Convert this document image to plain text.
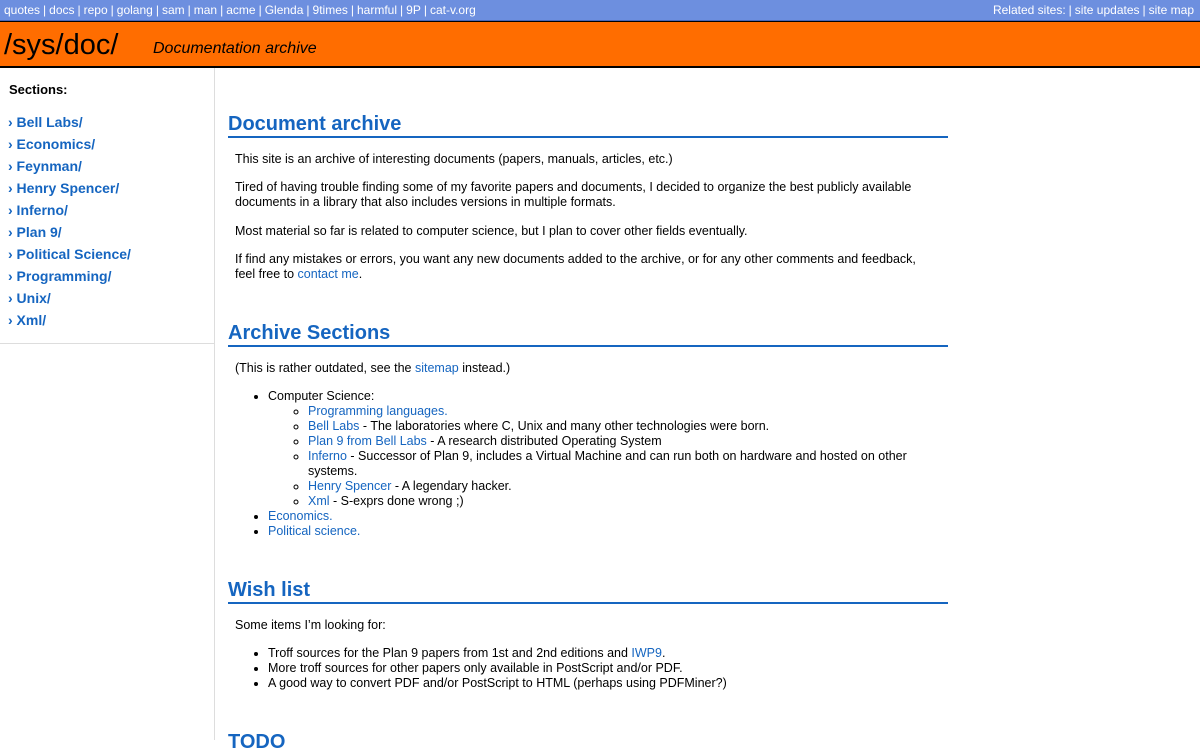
quotes | docs | repo | golang | sam | man | acme | Glenda | 9times | harmful | 9P | cat-v.org	Related sites: | site updates | site map
/sys/doc/ Documentation archive
Sections:
› Bell Labs/
› Economics/
› Feynman/
› Henry Spencer/
› Inferno/
› Plan 9/
› Political Science/
› Programming/
› Unix/
› Xml/
Document archive

This site is an archive of interesting documents (papers, manuals, articles, etc.)

Tired of having trouble finding some of my favorite papers and documents, I decided to organize the best publicly available documents in a library that also includes versions in multiple formats.

Most material so far is related to computer science, but I plan to cover other fields eventually.

If find any mistakes or errors, you want any new documents added to the archive, or for any other comments and feedback, feel free to contact me.

Archive Sections

(This is rather outdated, see the sitemap instead.)

• Computer Science:
◦ Programming languages.
◦ Bell Labs - The laboratories where C, Unix and many other technologies were born.
◦ Plan 9 from Bell Labs - A research distributed Operating System
◦ Inferno - Successor of Plan 9, includes a Virtual Machine and can run both on hardware and hosted on other systems.
◦ Henry Spencer - A legendary hacker.
◦ Xml - S-exprs done wrong ;)
• Economics.
• Political science.
Wish list

Some items I’m looking for:

• Troff sources for the Plan 9 papers from 1st and 2nd editions and IWP9.
• More troff sources for other papers only available in PostScript and/or PDF.
• A good way to convert PDF and/or PostScript to HTML (perhaps using PDFMiner?)
TODO
